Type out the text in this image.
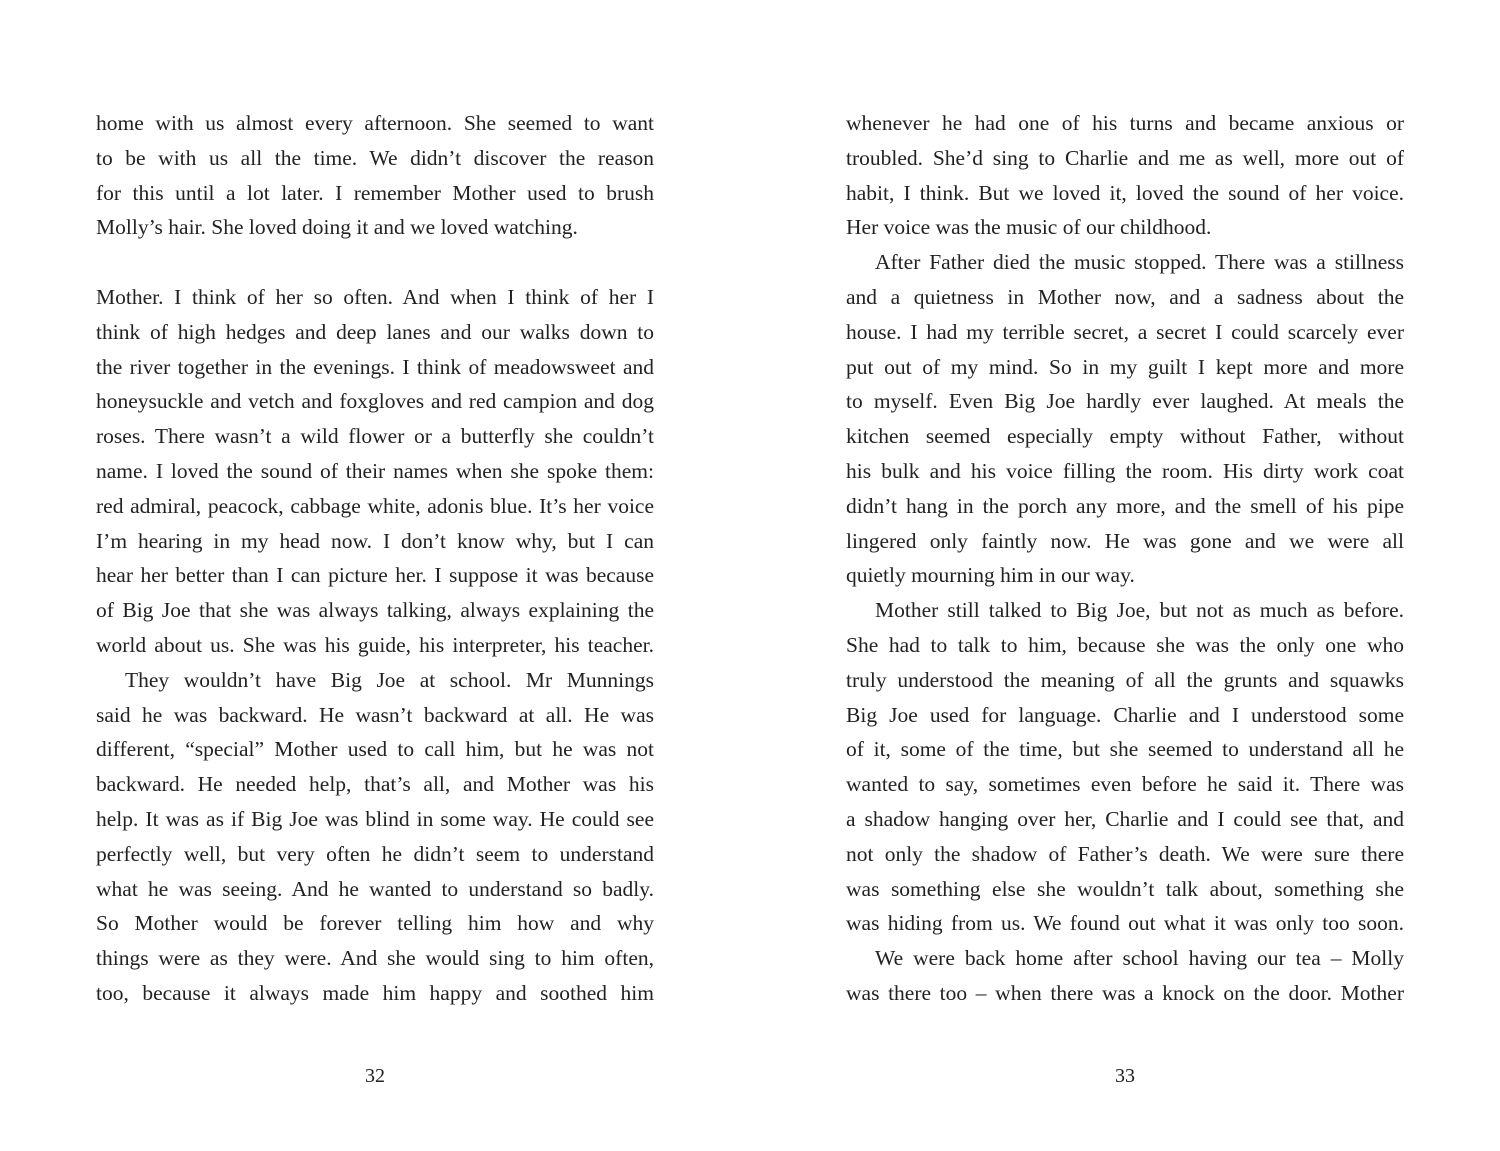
home with us almost every afternoon. She seemed to want
to be with us all the time. We didn’t discover the reason
for this until a lot later. I remember Mother used to brush
Molly’s hair. She loved doing it and we loved watching.
Mother. I think of her so often. And when I think of her I
think of high hedges and deep lanes and our walks down to
the river together in the evenings. I think of meadowsweet and
honeysuckle and vetch and foxgloves and red campion and dog
roses. There wasn’t a wild flower or a butterfly she couldn’t
name. I loved the sound of their names when she spoke them:
red admiral, peacock, cabbage white, adonis blue. It’s her voice
I’m hearing in my head now. I don’t know why, but I can
hear her better than I can picture her. I suppose it was because
of Big Joe that she was always talking, always explaining the
world about us. She was his guide, his interpreter, his teacher.
They wouldn’t have Big Joe at school. Mr Munnings
said he was backward. He wasn’t backward at all. He was
different, “special” Mother used to call him, but he was not
backward. He needed help, that’s all, and Mother was his
help. It was as if Big Joe was blind in some way. He could see
perfectly well, but very often he didn’t seem to understand
what he was seeing. And he wanted to understand so badly.
So Mother would be forever telling him how and why
things were as they were. And she would sing to him often,
too, because it always made him happy and soothed him
32
whenever he had one of his turns and became anxious or
troubled. She’d sing to Charlie and me as well, more out of
habit, I think. But we loved it, loved the sound of her voice.
Her voice was the music of our childhood.
After Father died the music stopped. There was a stillness
and a quietness in Mother now, and a sadness about the
house. I had my terrible secret, a secret I could scarcely ever
put out of my mind. So in my guilt I kept more and more
to myself. Even Big Joe hardly ever laughed. At meals the
kitchen seemed especially empty without Father, without
his bulk and his voice filling the room. His dirty work coat
didn’t hang in the porch any more, and the smell of his pipe
lingered only faintly now. He was gone and we were all
quietly mourning him in our way.
Mother still talked to Big Joe, but not as much as before.
She had to talk to him, because she was the only one who
truly understood the meaning of all the grunts and squawks
Big Joe used for language. Charlie and I understood some
of it, some of the time, but she seemed to understand all he
wanted to say, sometimes even before he said it. There was
a shadow hanging over her, Charlie and I could see that, and
not only the shadow of Father’s death. We were sure there
was something else she wouldn’t talk about, something she
was hiding from us. We found out what it was only too soon.
We were back home after school having our tea – Molly
was there too – when there was a knock on the door. Mother
33
